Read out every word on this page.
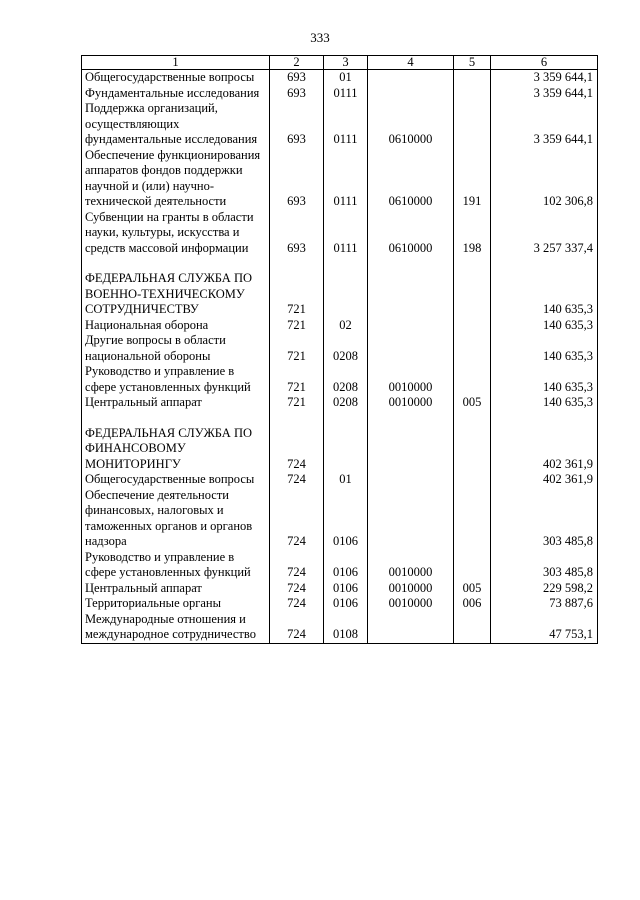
333
1	2	3	4	5	6
Общегосударственные вопросы	693	01			3 359 644,1
Фундаментальные исследования	693	0111			3 359 644,1
Поддержка организаций, осуществляющих фундаментальные исследования	693	0111	0610000		3 359 644,1
Обеспечение функционирования аппаратов фондов поддержки научной и (или) научно-технической деятельности	693	0111	0610000	191	102 306,8
Субвенции на гранты в области науки, культуры, искусства и средств массовой информации	693	0111	0610000	198	3 257 337,4

ФЕДЕРАЛЬНАЯ СЛУЖБА ПО ВОЕННО-ТЕХНИЧЕСКОМУ СОТРУДНИЧЕСТВУ	721				140 635,3
Национальная оборона	721	02			140 635,3
Другие вопросы в области национальной обороны	721	0208			140 635,3
Руководство и управление в сфере установленных функций	721	0208	0010000		140 635,3
Центральный аппарат	721	0208	0010000	005	140 635,3

ФЕДЕРАЛЬНАЯ СЛУЖБА ПО ФИНАНСОВОМУ МОНИТОРИНГУ	724				402 361,9
Общегосударственные вопросы	724	01			402 361,9
Обеспечение деятельности финансовых, налоговых и таможенных органов и органов надзора	724	0106			303 485,8
Руководство и управление в сфере установленных функций	724	0106	0010000		303 485,8
Центральный аппарат	724	0106	0010000	005	229 598,2
Территориальные органы	724	0106	0010000	006	73 887,6
Международные отношения и международное сотрудничество	724	0108			47 753,1
